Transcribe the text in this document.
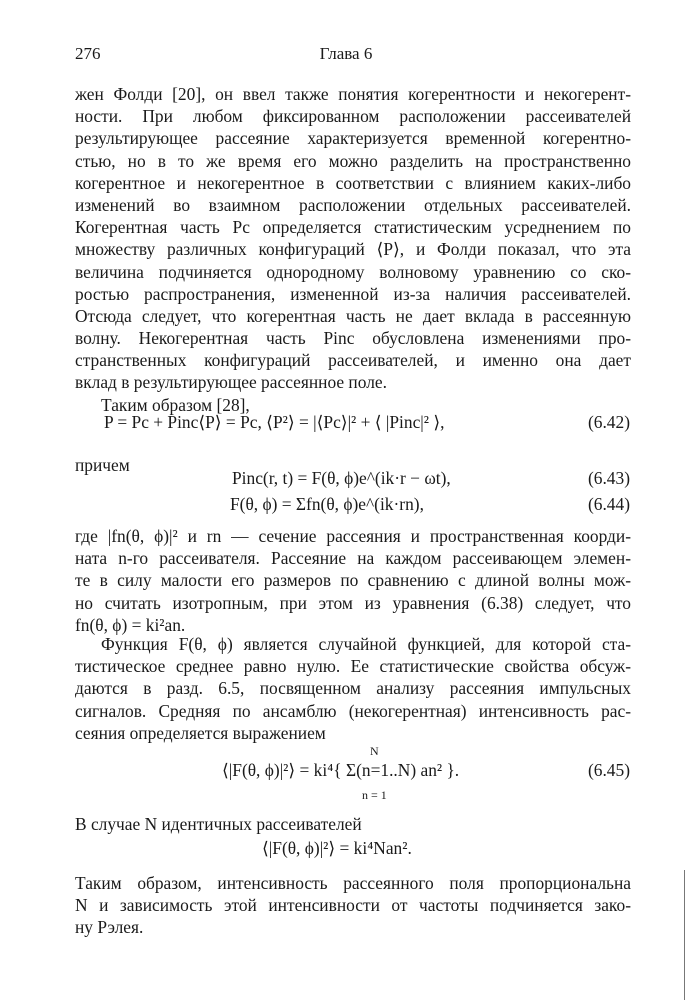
276	Глава 6
жен Фолди [20], он ввел также понятия когерентности и некогерент-
ности. При любом фиксированном расположении рассеивателей
результирующее рассеяние характеризуется временной когерентно-
стью, но в то же время его можно разделить на пространственно
когерентное и некогерентное в соответствии с влиянием каких-либо
изменений во взаимном расположении отдельных рассеивателей.
Когерентная часть Pc определяется статистическим усреднением по
множеству различных конфигураций ⟨P⟩, и Фолди показал, что эта
величина подчиняется однородному волновому уравнению со ско-
ростью распространения, измененной из-за наличия рассеивателей.
Отсюда следует, что когерентная часть не дает вклада в рассеянную
волну. Некогерентная часть Pinc обусловлена изменениями про-
странственных конфигураций рассеивателей, и именно она дает
вклад в результирующее рассеянное поле.
Таким образом [28],
P = Pc + Pinc⟨P⟩ = Pc, ⟨P²⟩ = |⟨Pc⟩|² + ⟨ |Pinc|² ⟩,	(6.42)
причем
Pinc(r, t) = F(θ, ϕ)e^(ik·r − ωt),	(6.43)
F(θ, ϕ) = Σfn(θ, ϕ)e^(ik·rn),	(6.44)
где |fn(θ, ϕ)|² и rn — сечение рассеяния и пространственная коорди-
ната n-го рассеивателя. Рассеяние на каждом рассеивающем элемен-
те в силу малости его размеров по сравнению с длиной волны мож-
но считать изотропным, при этом из уравнения (6.38) следует, что
fn(θ, ϕ) = ki²an.
Функция F(θ, ϕ) является случайной функцией, для которой ста-
тистическое среднее равно нулю. Ее статистические свойства обсуж-
даются в разд. 6.5, посвященном анализу рассеяния импульсных
сигналов. Средняя по ансамблю (некогерентная) интенсивность рас-
сеяния определяется выражением
N
⟨|F(θ, ϕ)|²⟩ = ki⁴{ Σ(n=1..N) an² }.
n = 1
(6.45)
В случае N идентичных рассеивателей
⟨|F(θ, ϕ)|²⟩ = ki⁴Nan².
Таким образом, интенсивность рассеянного поля пропорциональна
N и зависимость этой интенсивности от частоты подчиняется зако-
ну Рэлея.
